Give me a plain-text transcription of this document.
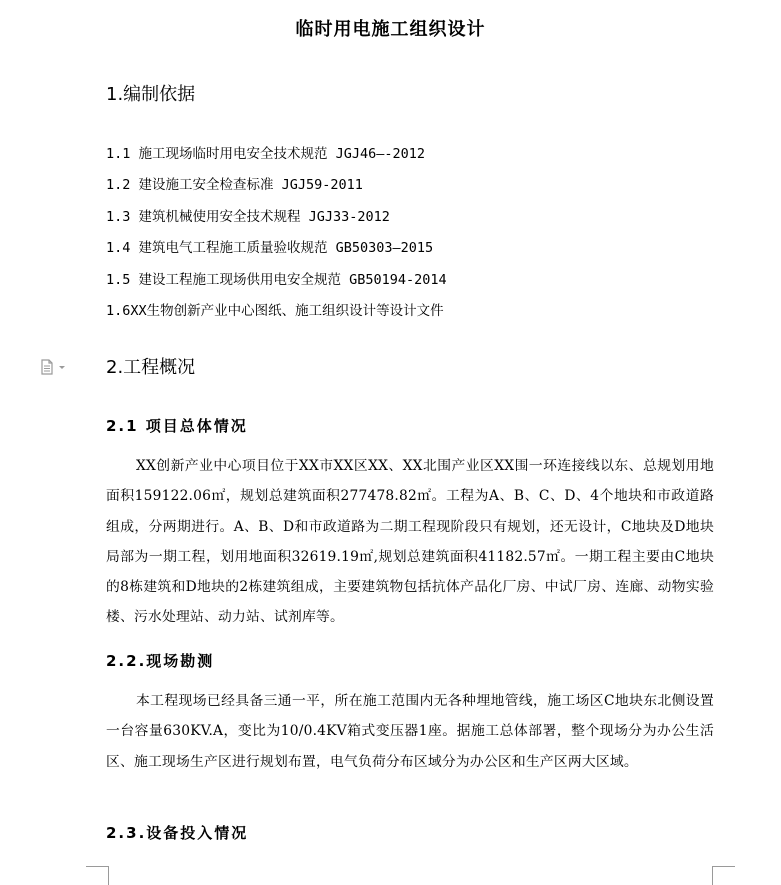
临时用电施工组织设计
1.编制依据
1.1 施工现场临时用电安全技术规范 JGJ46—-2012
1.2 建设施工安全检查标准 JGJ59-2011
1.3 建筑机械使用安全技术规程 JGJ33-2012
1.4 建筑电气工程施工质量验收规范 GB50303—2015
1.5 建设工程施工现场供用电安全规范 GB50194-2014
1.6XX生物创新产业中心图纸、施工组织设计等设计文件
2.工程概况
2.1 项目总体情况

XX创新产业中心项目位于XX市XX区XX、XX北围产业区XX围一环连接线以东、总规划用地面积159122.06㎡，规划总建筑面积277478.82㎡。工程为A、B、C、D、4个地块和市政道路组成，分两期进行。A、B、D和市政道路为二期工程现阶段只有规划，还无设计，C地块及D地块局部为一期工程，划用地面积32619.19㎡,规划总建筑面积41182.57㎡。一期工程主要由C地块的8栋建筑和D地块的2栋建筑组成，主要建筑物包括抗体产品化厂房、中试厂房、连廊、动物实验楼、污水处理站、动力站、试剂库等。

2.2.现场勘测

本工程现场已经具备三通一平，所在施工范围内无各种埋地管线，施工场区C地块东北侧设置一台容量630KV.A，变比为10/0.4KV箱式变压器1座。据施工总体部署，整个现场分为办公生活区、施工现场生产区进行规划布置，电气负荷分布区域分为办公区和生产区两大区域。

2.3.设备投入情况
